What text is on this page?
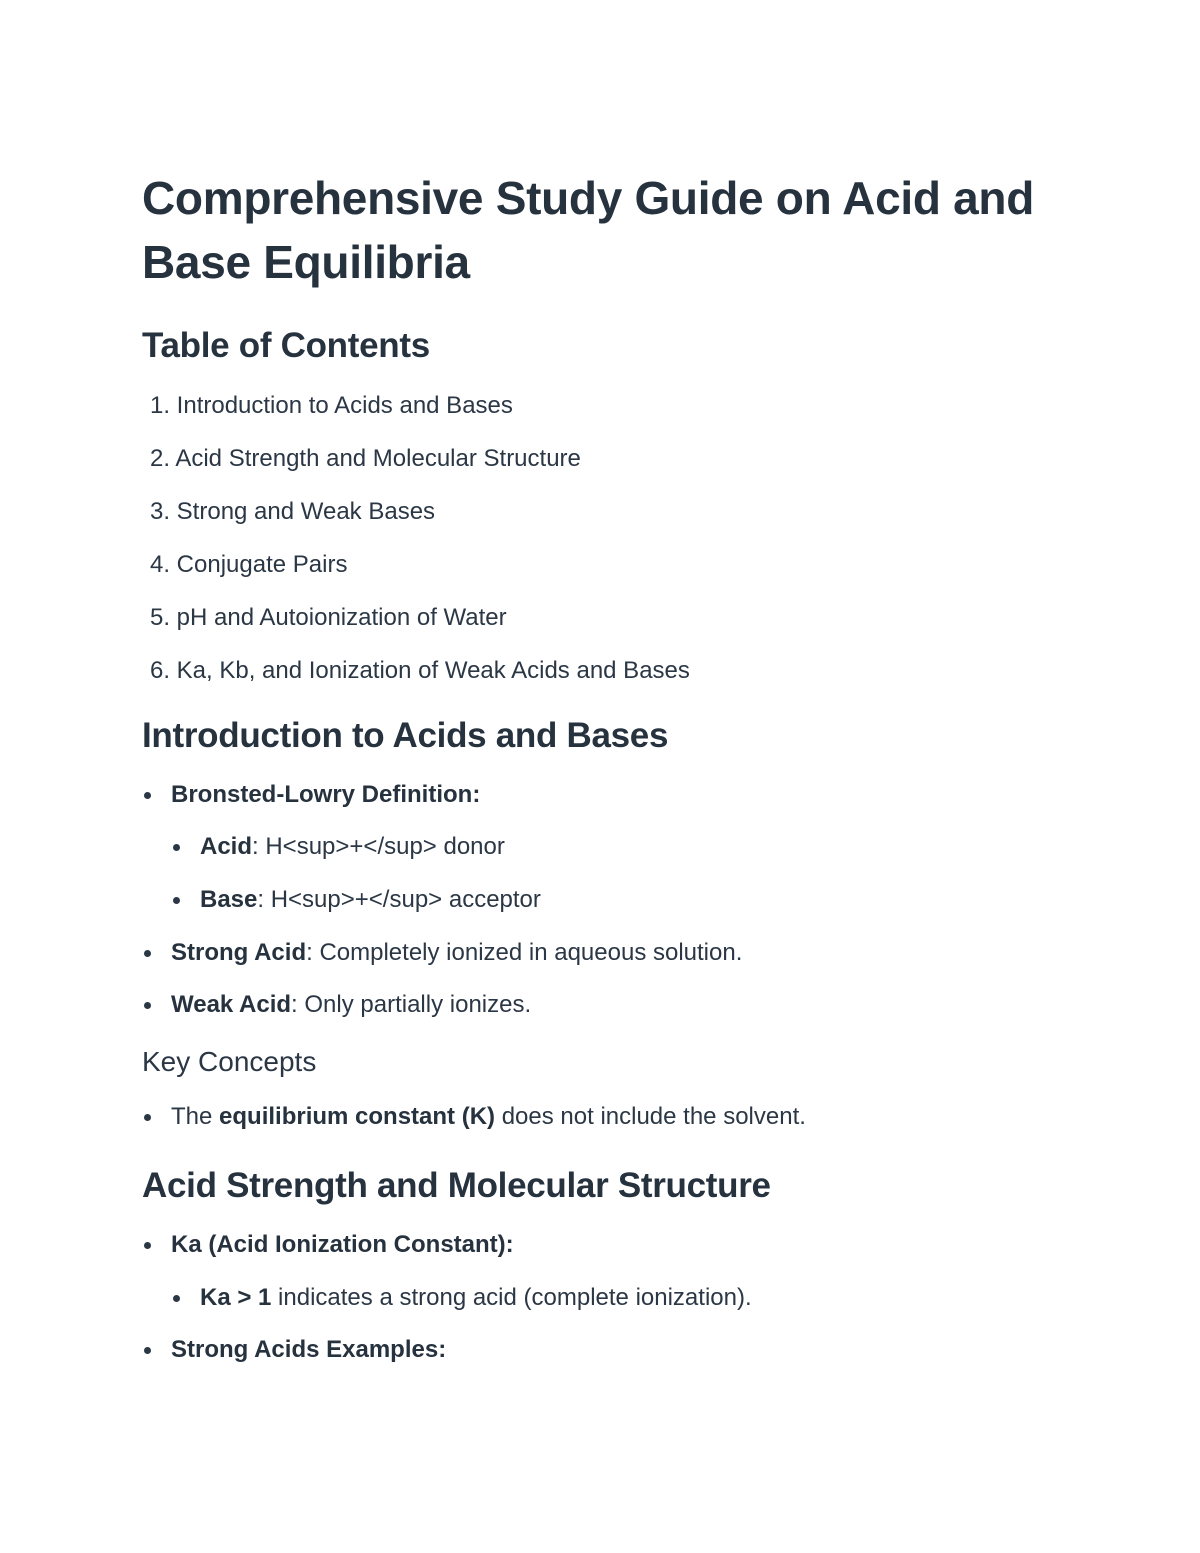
Comprehensive Study Guide on Acid and Base Equilibria
Table of Contents
1. Introduction to Acids and Bases
2. Acid Strength and Molecular Structure
3. Strong and Weak Bases
4. Conjugate Pairs
5. pH and Autoionization of Water
6. Ka, Kb, and Ionization of Weak Acids and Bases
Introduction to Acids and Bases
Bronsted-Lowry Definition:
Acid: H<sup>+</sup> donor
Base: H<sup>+</sup> acceptor
Strong Acid: Completely ionized in aqueous solution.
Weak Acid: Only partially ionizes.
Key Concepts
The equilibrium constant (K) does not include the solvent.
Acid Strength and Molecular Structure
Ka (Acid Ionization Constant):
Ka > 1 indicates a strong acid (complete ionization).
Strong Acids Examples:
